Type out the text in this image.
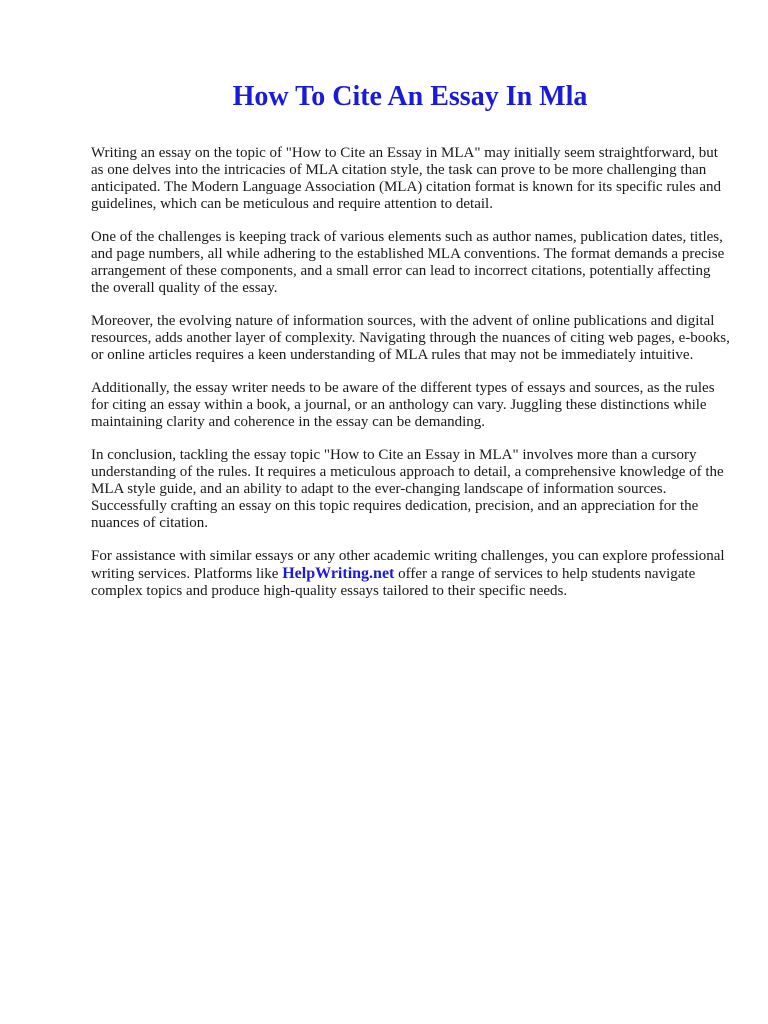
How To Cite An Essay In Mla

Writing an essay on the topic of "How to Cite an Essay in MLA" may initially seem straightforward, but as one delves into the intricacies of MLA citation style, the task can prove to be more challenging than anticipated. The Modern Language Association (MLA) citation format is known for its specific rules and guidelines, which can be meticulous and require attention to detail.

One of the challenges is keeping track of various elements such as author names, publication dates, titles, and page numbers, all while adhering to the established MLA conventions. The format demands a precise arrangement of these components, and a small error can lead to incorrect citations, potentially affecting the overall quality of the essay.

Moreover, the evolving nature of information sources, with the advent of online publications and digital resources, adds another layer of complexity. Navigating through the nuances of citing web pages, e-books, or online articles requires a keen understanding of MLA rules that may not be immediately intuitive.

Additionally, the essay writer needs to be aware of the different types of essays and sources, as the rules for citing an essay within a book, a journal, or an anthology can vary. Juggling these distinctions while maintaining clarity and coherence in the essay can be demanding.

In conclusion, tackling the essay topic "How to Cite an Essay in MLA" involves more than a cursory understanding of the rules. It requires a meticulous approach to detail, a comprehensive knowledge of the MLA style guide, and an ability to adapt to the ever-changing landscape of information sources. Successfully crafting an essay on this topic requires dedication, precision, and an appreciation for the nuances of citation.

For assistance with similar essays or any other academic writing challenges, you can explore professional writing services. Platforms like HelpWriting.net offer a range of services to help students navigate complex topics and produce high-quality essays tailored to their specific needs.
